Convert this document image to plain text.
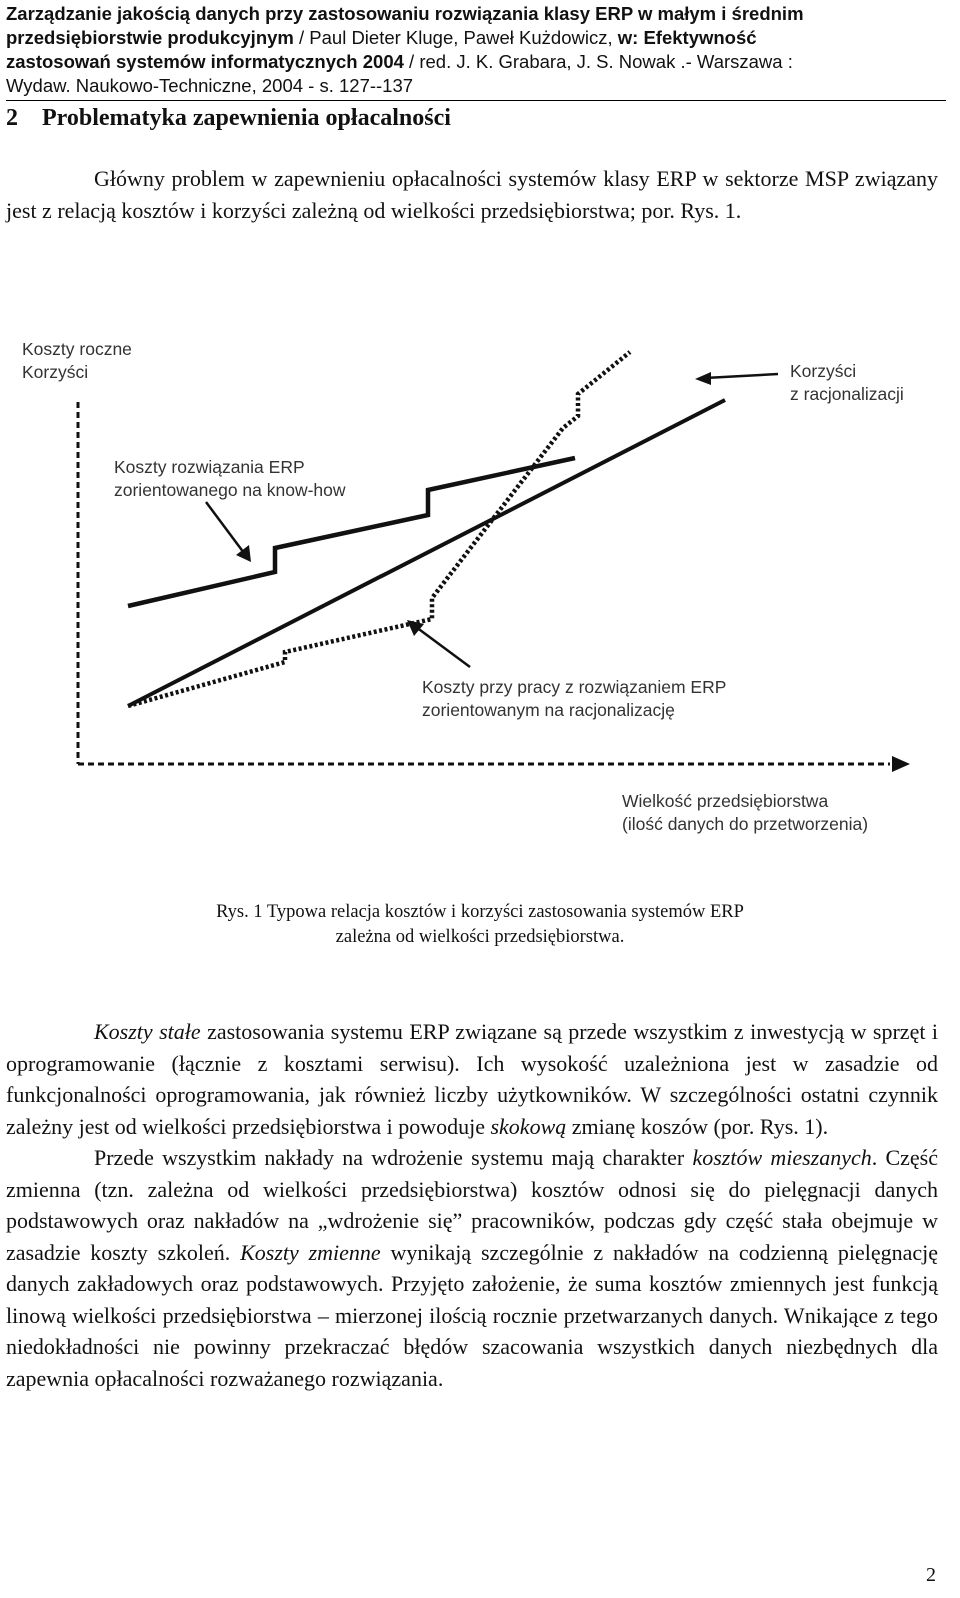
Zarządzanie jakością danych przy zastosowaniu rozwiązania klasy ERP w małym i średnim
przedsiębiorstwie produkcyjnym / Paul Dieter Kluge, Paweł Kużdowicz, w: Efektywność
zastosowań systemów informatycznych 2004 / red. J. K. Grabara, J. S. Nowak .- Warszawa :
Wydaw. Naukowo-Techniczne, 2004 - s. 127--137
2 Problematyka zapewnienia opłacalności

Główny problem w zapewnieniu opłacalności systemów klasy ERP w sektorze MSP związany jest z relacją kosztów i korzyści zależną od wielkości przedsiębiorstwa; por. Rys. 1.

Koszty roczne
Korzyści	Korzyści
z racjonalizacji
Koszty rozwiązania ERP
zorientowanego na know-how
Koszty przy pracy z rozwiązaniem ERP
zorientowanym na racjonalizację
Wielkość przedsiębiorstwa
(ilość danych do przetworzenia)
Rys. 1 Typowa relacja kosztów i korzyści zastosowania systemów ERP
zależna od wielkości przedsiębiorstwa.

Koszty stałe zastosowania systemu ERP związane są przede wszystkim z inwestycją w sprzęt i oprogramowanie (łącznie z kosztami serwisu). Ich wysokość uzależniona jest w zasadzie od funkcjonalności oprogramowania, jak również liczby użytkowników. W szczególności ostatni czynnik zależny jest od wielkości przedsiębiorstwa i powoduje skokową zmianę koszów (por. Rys. 1).

Przede wszystkim nakłady na wdrożenie systemu mają charakter kosztów mieszanych. Część zmienna (tzn. zależna od wielkości przedsiębiorstwa) kosztów odnosi się do pielęgnacji danych podstawowych oraz nakładów na „wdrożenie się” pracowników, podczas gdy część stała obejmuje w zasadzie koszty szkoleń. Koszty zmienne wynikają szczególnie z nakładów na codzienną pielęgnację danych zakładowych oraz podstawowych. Przyjęto założenie, że suma kosztów zmiennych jest funkcją linową wielkości przedsiębiorstwa – mierzonej ilością rocznie przetwarzanych danych. Wnikające z tego niedokładności nie powinny przekraczać błędów szacowania wszystkich danych niezbędnych dla zapewnia opłacalności rozważanego rozwiązania.

2
